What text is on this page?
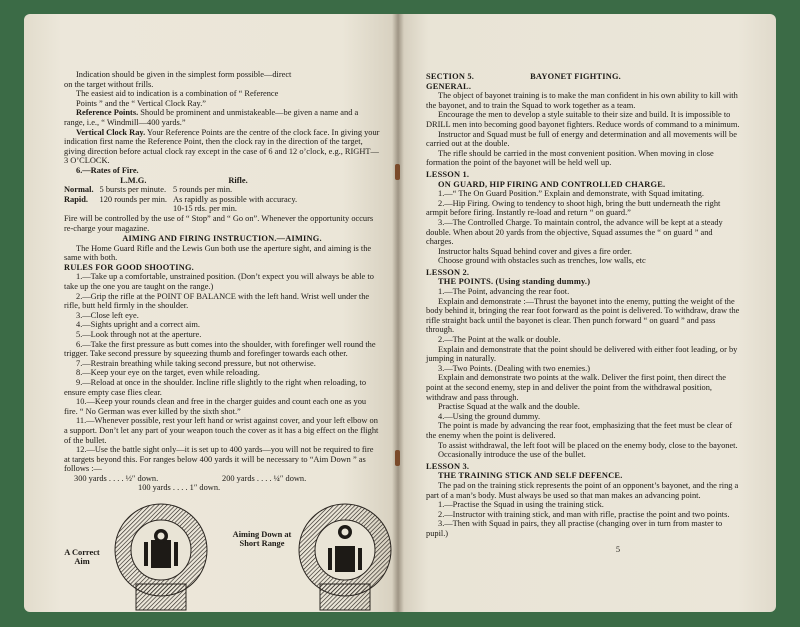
Indication should be given in the simplest form possible—direct

on the target without frills.

The easiest aid to indication is a combination of “ Reference

Points ” and the “ Vertical Clock Ray.”

Reference Points. Should be prominent and unmistakeable—be given a name and a range, i.e., “ Windmill—400 yards.”

Vertical Clock Ray. Your Reference Points are the centre of the clock face. In giving your indication first name the Reference Point, then the clock ray in the direction of the target, giving direction before actual clock ray except in the case of 6 and 12 o’clock, e.g., RIGHT—3 O’CLOCK.

6.—Rates of Fire.

	L.M.G.	Rifle.
Normal.	5 bursts per minute.	5 rounds per min.
Rapid.	120 rounds per min.	As rapidly as possible with accuracy. 10-15 rds. per min.

Fire will be controlled by the use of “ Stop” and “ Go on”. Whenever the opportunity occurs re-charge your magazine.

AIMING AND FIRING INSTRUCTION.—AIMING.

The Home Guard Rifle and the Lewis Gun both use the aperture sight, and aiming is the same with both.

RULES FOR GOOD SHOOTING.

1.—Take up a comfortable, unstrained position. (Don’t expect you will always be able to take up the one you are taught on the range.)

2.—Grip the rifle at the POINT OF BALANCE with the left hand. Wrist well under the rifle, butt held firmly in the shoulder.

3.—Close left eye.

4.—Sights upright and a correct aim.

5.—Look through not at the aperture.

6.—Take the first pressure as butt comes into the shoulder, with forefinger well round the trigger. Take second pressure by squeezing thumb and forefinger towards each other.

7.—Restrain breathing while taking second pressure, but not otherwise.

8.—Keep your eye on the target, even while reloading.

9.—Reload at once in the shoulder. Incline rifle slightly to the right when reloading, to ensure empty case flies clear.

10.—Keep your rounds clean and free in the charger guides and count each one as you fire. “ No German was ever killed by the sixth shot.”

11.—Whenever possible, rest your left hand or wrist against cover, and your left elbow on a support. Don’t let any part of your weapon touch the cover as it has a big effect on the flight of the bullet.

12.—Use the battle sight only—it is set up to 400 yards—you will not be required to fire at targets beyond this. For ranges below 400 yards it will be necessary to “Aim Down ” as follows :—

300 yards . . . . ½″ down.	200 yards . . . . ¼″ down.
100 yards . . . . 1″ down.
A Correct Aim
Aiming Down at Short Range
SECTION 5.	BAYONET FIGHTING.

GENERAL.

The object of bayonet training is to make the man confident in his own ability to kill with the bayonet, and to train the Squad to work together as a team.

Encourage the men to develop a style suitable to their size and build. It is impossible to DRILL men into becoming good bayonet fighters. Reduce words of command to a minimum.

Instructor and Squad must be full of energy and determination and all movements will be carried out at the double.

The rifle should be carried in the most convenient position. When moving in close formation the point of the bayonet will be held well up.

LESSON 1.

ON GUARD, HIP FIRING AND CONTROLLED CHARGE.

1.—“ The On Guard Position.” Explain and demonstrate, with Squad imitating.

2.—Hip Firing. Owing to tendency to shoot high, bring the butt underneath the right armpit before firing. Instantly re-load and return “ on guard.”

3.—The Controlled Charge. To maintain control, the advance will be kept at a steady double. When about 20 yards from the objective, Squad assumes the “ on guard ” and charges.

Instructor halts Squad behind cover and gives a fire order.

Choose ground with obstacles such as trenches, low walls, etc

LESSON 2.

THE POINTS. (Using standing dummy.)

1.—The Point, advancing the rear foot.

Explain and demonstrate :—Thrust the bayonet into the enemy, putting the weight of the body behind it, bringing the rear foot forward as the point is delivered. To withdraw, draw the rifle straight back until the bayonet is clear. Then punch forward “ on guard ” and pass through.

2.—The Point at the walk or double.

Explain and demonstrate that the point should be delivered with either foot leading, or by jumping in naturally.

3.—Two Points. (Dealing with two enemies.)

Explain and demonstrate two points at the walk. Deliver the first point, then direct the point at the second enemy, step in and deliver the point from the withdrawal position, withdraw and pass through.

Practise Squad at the walk and the double.

4.—Using the ground dummy.

The point is made by advancing the rear foot, emphasizing that the feet must be clear of the enemy when the point is delivered.

To assist withdrawal, the left foot will be placed on the enemy body, close to the bayonet.

Occasionally introduce the use of the bullet.

LESSON 3.

THE TRAINING STICK AND SELF DEFENCE.

The pad on the training stick represents the point of an opponent’s bayonet, and the ring a part of a man’s body. Must always be used so that man makes an advancing point.

1.—Practise the Squad in using the training stick.

2.—Instructor with training stick, and man with rifle, practise the point and two points.

3.—Then with Squad in pairs, they all practise (changing over in turn from master to pupil.)

5
